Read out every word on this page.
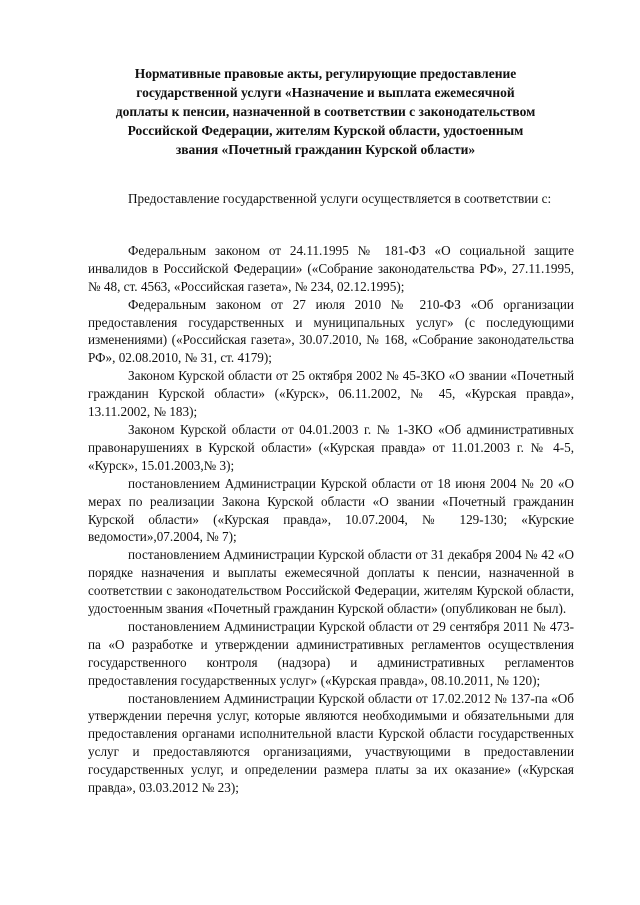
Нормативные правовые акты, регулирующие предоставление
государственной услуги «Назначение и выплата ежемесячной
доплаты к пенсии, назначенной в соответствии с законодательством
Российской Федерации, жителям Курской области, удостоенным
звания «Почетный гражданин Курской области»

Предоставление государственной услуги осуществляется в соответствии с:

Федеральным законом от 24.11.1995 № 181-ФЗ «О социальной защите инвалидов в Российской Федерации» («Собрание законодательства РФ», 27.11.1995, № 48, ст. 4563, «Российская газета», № 234, 02.12.1995);

Федеральным законом от 27 июля 2010 № 210-ФЗ «Об организации предоставления государственных и муниципальных услуг» (с последующими изменениями) («Российская газета», 30.07.2010, № 168, «Собрание законодательства РФ», 02.08.2010, № 31, ст. 4179);

Законом Курской области от 25 октября 2002 № 45-ЗКО «О звании «Почетный гражданин Курской области» («Курск», 06.11.2002, № 45, «Курская правда», 13.11.2002, № 183);

Законом Курской области от 04.01.2003 г. № 1-ЗКО «Об административных правонарушениях в Курской области» («Курская правда» от 11.01.2003 г. № 4-5, «Курск», 15.01.2003,№ 3);

постановлением Администрации Курской области от 18 июня 2004 № 20 «О мерах по реализации Закона Курской области «О звании «Почетный гражданин Курской области» («Курская правда», 10.07.2004, № 129-130; «Курские ведомости»,07.2004, № 7);

постановлением Администрации Курской области от 31 декабря 2004 № 42 «О порядке назначения и выплаты ежемесячной доплаты к пенсии, назначенной в соответствии с законодательством Российской Федерации, жителям Курской области, удостоенным звания «Почетный гражданин Курской области» (опубликован не был).

постановлением Администрации Курской области от 29 сентября 2011 № 473-па «О разработке и утверждении административных регламентов осуществления государственного контроля (надзора) и административных регламентов предоставления государственных услуг» («Курская правда», 08.10.2011, № 120);

постановлением Администрации Курской области от 17.02.2012 № 137-па «Об утверждении перечня услуг, которые являются необходимыми и обязательными для предоставления органами исполнительной власти Курской области государственных услуг и предоставляются организациями, участвующими в предоставлении государственных услуг, и определении размера платы за их оказание» («Курская правда», 03.03.2012 № 23);
